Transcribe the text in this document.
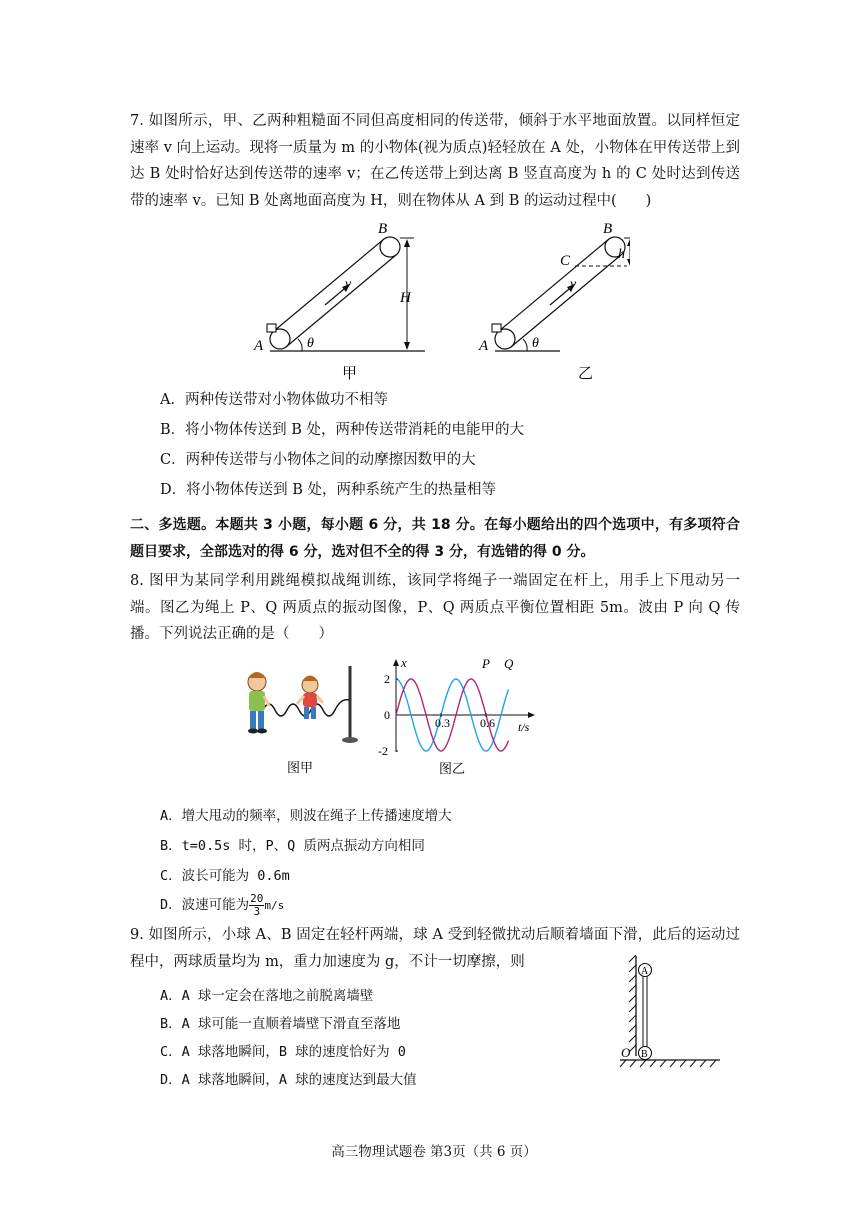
7. 如图所示，甲、乙两种粗糙面不同但高度相同的传送带，倾斜于水平地面放置。以同样恒定速率 v 向上运动。现将一质量为 m 的小物体(视为质点)轻轻放在 A 处，小物体在甲传送带上到达 B 处时恰好达到传送带的速率 v；在乙传送带上到达离 B 竖直高度为 h 的 C 处时达到传送带的速率 v。已知 B 处离地面高度为 H，则在物体从 A 到 B 的运动过程中(　　)
A
B
θ
v
H
甲
A
B
C
θ
v
h
乙
A．两种传送带对小物体做功不相等
B．将小物体传送到 B 处，两种传送带消耗的电能甲的大
C．两种传送带与小物体之间的动摩擦因数甲的大
D．将小物体传送到 B 处，两种系统产生的热量相等
二、多选题。本题共 3 小题，每小题 6 分，共 18 分。在每小题给出的四个选项中，有多项符合题目要求，全部选对的得 6 分，选对但不全的得 3 分，有选错的得 0 分。
8. 图甲为某同学利用跳绳模拟战绳训练，该同学将绳子一端固定在杆上，用手上下甩动另一端。图乙为绳上 P、Q 两质点的振动图像，P、Q 两质点平衡位置相距 5m。波由 P 向 Q 传播。下列说法正确的是（　　）
图甲
2
0
-2
0.3	0.6 t/s
x	P Q
图乙
A．增大甩动的频率，则波在绳子上传播速度增大
B．t=0.5s 时，P、Q 质两点振动方向相同
C．波长可能为 0.6m
D．波速可能为 $\frac{20}{3} m/s$
9. 如图所示，小球 A、B 固定在轻杆两端，球 A 受到轻微扰动后顺着墙面下滑，此后的运动过程中，两球质量均为 m，重力加速度为 g，不计一切摩擦，则
A
B
O
A．A 球一定会在落地之前脱离墙壁
B．A 球可能一直顺着墙壁下滑直至落地
C．A 球落地瞬间，B 球的速度恰好为 0
D．A 球落地瞬间，A 球的速度达到最大值
高三物理试题卷 第3页（共 6 页）
